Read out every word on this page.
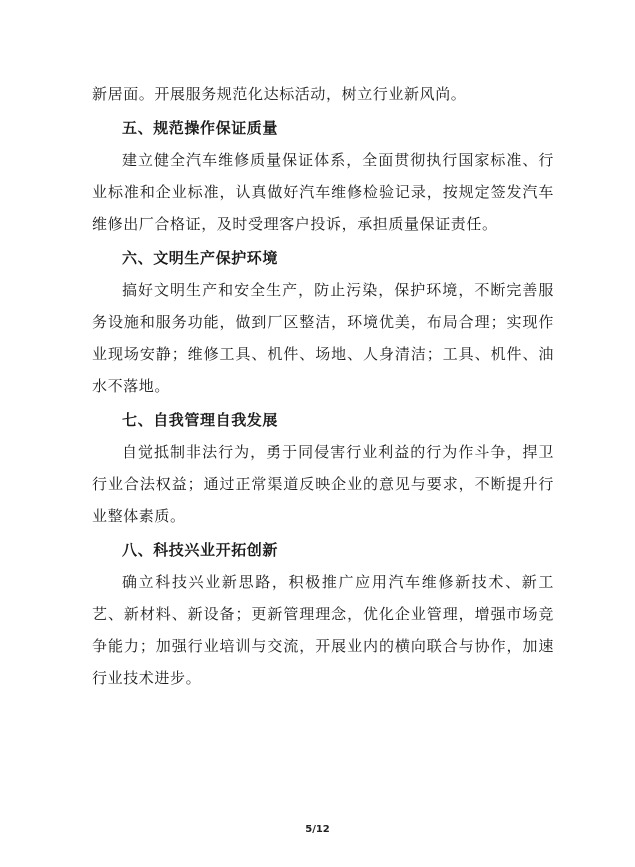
新居面。开展服务规范化达标活动，树立行业新风尚。

五、规范操作保证质量

建立健全汽车维修质量保证体系，全面贯彻执行国家标准、行业标准和企业标准，认真做好汽车维修检验记录，按规定签发汽车维修出厂合格证，及时受理客户投诉，承担质量保证责任。

六、文明生产保护环境

搞好文明生产和安全生产，防止污染，保护环境，不断完善服务设施和服务功能，做到厂区整洁，环境优美，布局合理；实现作业现场安静；维修工具、机件、场地、人身清洁；工具、机件、油水不落地。

七、自我管理自我发展

自觉抵制非法行为，勇于同侵害行业利益的行为作斗争，捍卫行业合法权益；通过正常渠道反映企业的意见与要求，不断提升行业整体素质。

八、科技兴业开拓创新

确立科技兴业新思路，积极推广应用汽车维修新技术、新工艺、新材料、新设备；更新管理理念，优化企业管理，增强市场竞争能力；加强行业培训与交流，开展业内的横向联合与协作，加速行业技术进步。

5/12
